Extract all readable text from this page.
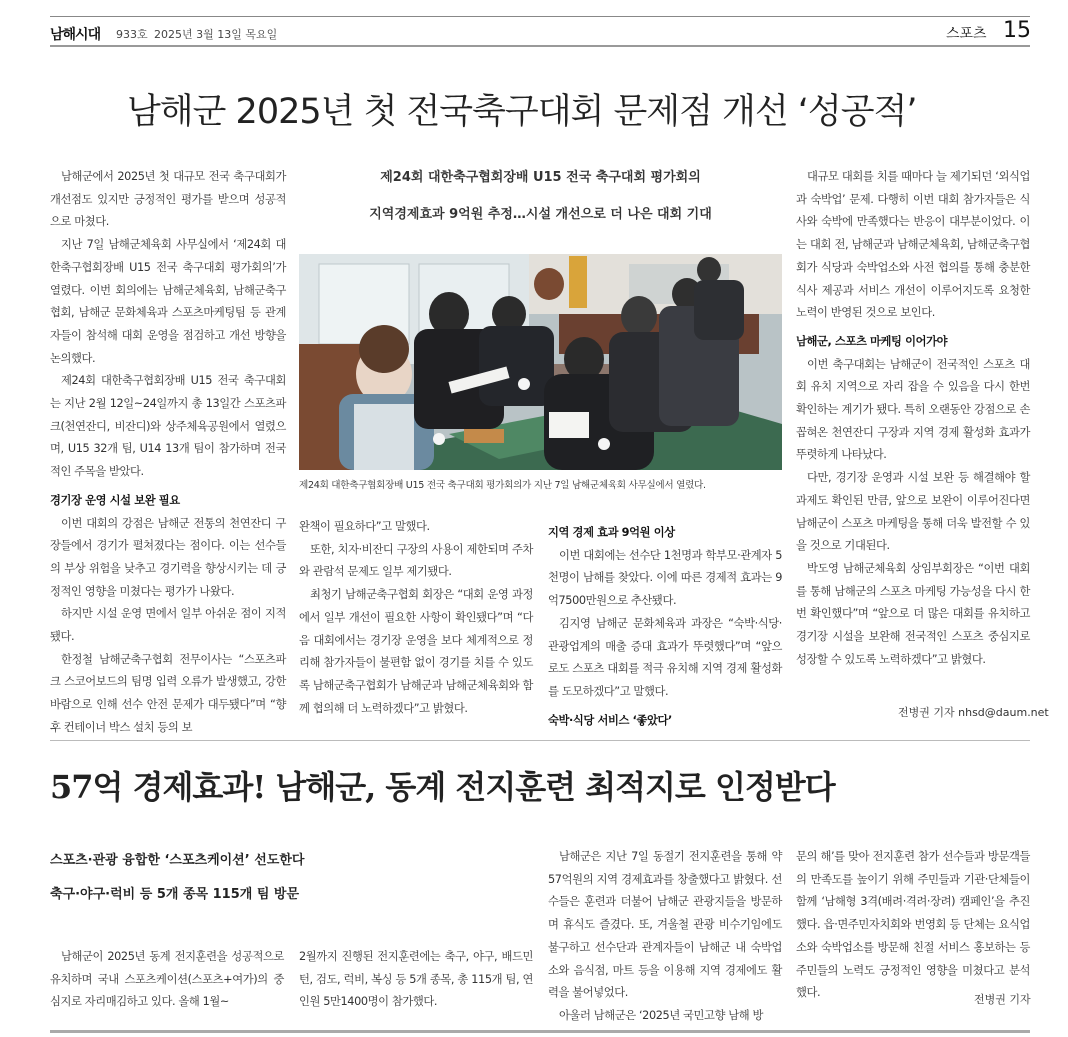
남해시대 933호 2025년 3월 13일 목요일	스포츠 15
남해군 2025년 첫 전국축구대회 문제점 개선 ‘성공적’

남해군에서 2025년 첫 대규모 전국 축구대회가 개선점도 있지만 긍정적인 평가를 받으며 성공적으로 마쳤다.

지난 7일 남해군체육회 사무실에서 ‘제24회 대한축구협회장배 U15 전국 축구대회 평가회의’가 열렸다. 이번 회의에는 남해군체육회, 남해군축구협회, 남해군 문화체육과 스포츠마케팅팀 등 관계자들이 참석해 대회 운영을 점검하고 개선 방향을 논의했다.

제24회 대한축구협회장배 U15 전국 축구대회는 지난 2월 12일~24일까지 총 13일간 스포츠파크(천연잔디, 비잔디)와 상주체육공원에서 열렸으며, U15 32개 팀, U14 13개 팀이 참가하며 전국적인 주목을 받았다.

경기장 운영 시설 보완 필요

이번 대회의 강점은 남해군 전통의 천연잔디 구장들에서 경기가 펼쳐졌다는 점이다. 이는 선수들의 부상 위험을 낮추고 경기력을 향상시키는 데 긍정적인 영향을 미쳤다는 평가가 나왔다.

하지만 시설 운영 면에서 일부 아쉬운 점이 지적됐다.

한정철 남해군축구협회 전무이사는 “스포츠파크 스코어보드의 팀명 입력 오류가 발생했고, 강한 바람으로 인해 선수 안전 문제가 대두됐다”며 “향후 컨테이너 박스 설치 등의 보

제24회 대한축구협회장배 U15 전국 축구대회 평가회의
지역경제효과 9억원 추정…시설 개선으로 더 나은 대회 기대
제24회 대한축구협회장배 U15 전국 축구대회 평가회의가 지난 7일 남해군체육회 사무실에서 열렸다.

완책이 필요하다”고 말했다.

또한, 치자·비잔디 구장의 사용이 제한되며 주차와 관람석 문제도 일부 제기됐다.

최청기 남해군축구협회 회장은 “대회 운영 과정에서 일부 개선이 필요한 사항이 확인됐다”며 “다음 대회에서는 경기장 운영을 보다 체계적으로 정리해 참가자들이 불편함 없이 경기를 치를 수 있도록 남해군축구협회가 남해군과 남해군체육회와 함께 협의해 더 노력하겠다”고 밝혔다.

지역 경제 효과 9억원 이상

이번 대회에는 선수단 1천명과 학부모·관계자 5천명이 남해를 찾았다. 이에 따른 경제적 효과는 9억7500만원으로 추산됐다.

김지영 남해군 문화체육과 과장은 “숙박·식당·관광업계의 매출 증대 효과가 뚜렷했다”며 “앞으로도 스포츠 대회를 적극 유치해 지역 경제 활성화를 도모하겠다”고 말했다.

숙박·식당 서비스 ‘좋았다’

대규모 대회를 치를 때마다 늘 제기되던 ‘외식업과 숙박업’ 문제. 다행히 이번 대회 참가자들은 식사와 숙박에 만족했다는 반응이 대부분이었다. 이는 대회 전, 남해군과 남해군체육회, 남해군축구협회가 식당과 숙박업소와 사전 협의를 통해 충분한 식사 제공과 서비스 개선이 이루어지도록 요청한 노력이 반영된 것으로 보인다.

남해군, 스포츠 마케팅 이어가야

이번 축구대회는 남해군이 전국적인 스포츠 대회 유치 지역으로 자리 잡을 수 있음을 다시 한번 확인하는 계기가 됐다. 특히 오랜동안 강점으로 손꼽혀온 천연잔디 구장과 지역 경제 활성화 효과가 뚜렷하게 나타났다.

다만, 경기장 운영과 시설 보완 등 해결해야 할 과제도 확인된 만큼, 앞으로 보완이 이루어진다면 남해군이 스포츠 마케팅을 통해 더욱 발전할 수 있을 것으로 기대된다.

박도영 남해군체육회 상임부회장은 “이번 대회를 통해 남해군의 스포츠 마케팅 가능성을 다시 한번 확인했다”며 “앞으로 더 많은 대회를 유치하고 경기장 시설을 보완해 전국적인 스포츠 중심지로 성장할 수 있도록 노력하겠다”고 밝혔다.

전병권 기자 nhsd@daum.net
57억 경제효과! 남해군, 동계 전지훈련 최적지로 인정받다
스포츠·관광 융합한 ‘스포츠케이션’ 선도한다
축구·야구·럭비 등 5개 종목 115개 팀 방문

남해군이 2025년 동계 전지훈련을 성공적으로 유치하며 국내 스포츠케이션(스포츠+여가)의 중심지로 자리매김하고 있다. 올해 1월~

2월까지 진행된 전지훈련에는 축구, 야구, 배드민턴, 검도, 럭비, 복싱 등 5개 종목, 총 115개 팀, 연인원 5만1400명이 참가했다.

남해군은 지난 7일 동절기 전지훈련을 통해 약 57억원의 지역 경제효과를 창출했다고 밝혔다. 선수들은 훈련과 더불어 남해군 관광지들을 방문하며 휴식도 즐겼다. 또, 겨울철 관광 비수기임에도 불구하고 선수단과 관계자들이 남해군 내 숙박업소와 음식점, 마트 등을 이용해 지역 경제에도 활력을 불어넣었다.

아울러 남해군은 ‘2025년 국민고향 남해 방

문의 해’를 맞아 전지훈련 참가 선수들과 방문객들의 만족도를 높이기 위해 주민들과 기관·단체들이 함께 ‘남해형 3격(배려·격려·장려) 캠페인’을 추진했다. 읍·면주민자치회와 번영회 등 단체는 요식업소와 숙박업소를 방문해 친절 서비스 홍보하는 등 주민들의 노력도 긍정적인 영향을 미쳤다고 분석했다.

전병권 기자
